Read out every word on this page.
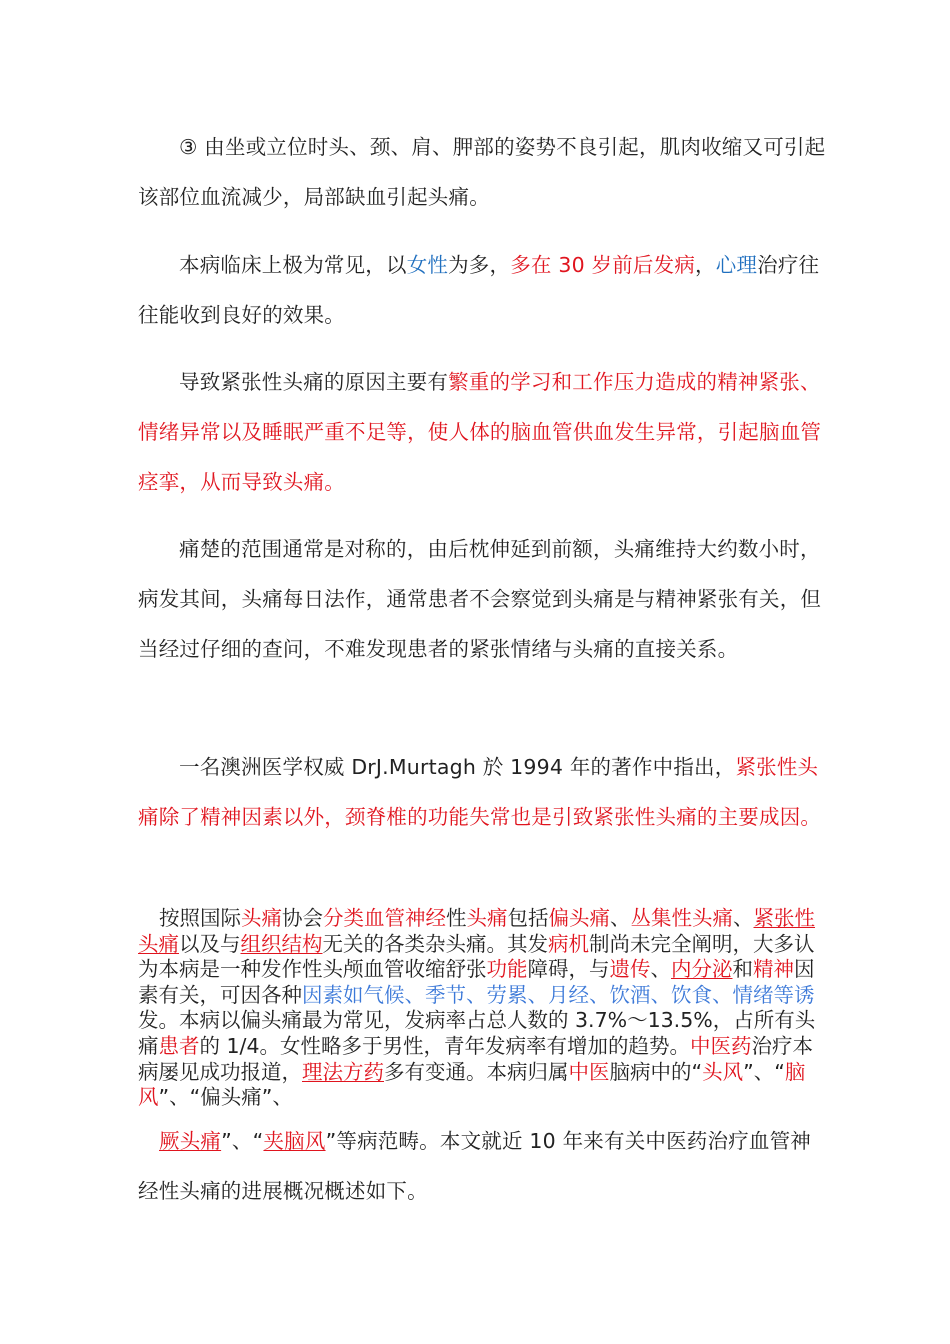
③ 由坐或立位时头、颈、肩、胛部的姿势不良引起，肌肉收缩又可引起该部位血流减少，局部缺血引起头痛。

本病临床上极为常见，以女性为多，多在 30 岁前后发病，心理治疗往往能收到良好的效果。

导致紧张性头痛的原因主要有繁重的学习和工作压力造成的精神紧张、情绪异常以及睡眠严重不足等，使人体的脑血管供血发生异常，引起脑血管痉挛，从而导致头痛。

痛楚的范围通常是对称的，由后枕伸延到前额，头痛维持大约数小时，病发其间，头痛每日法作，通常患者不会察觉到头痛是与精神紧张有关，但当经过仔细的查问，不难发现患者的紧张情绪与头痛的直接关系。

一名澳洲医学权威 DrJ.Murtagh 於 1994 年的著作中指出，紧张性头痛除了精神因素以外，颈脊椎的功能失常也是引致紧张性头痛的主要成因。

按照国际头痛协会分类血管神经性头痛包括偏头痛、丛集性头痛、紧张性头痛以及与组织结构无关的各类杂头痛。其发病机制尚未完全阐明，大多认为本病是一种发作性头颅血管收缩舒张功能障碍，与遗传、内分泌和精神因素有关，可因各种因素如气候、季节、劳累、月经、饮酒、饮食、情绪等诱发。本病以偏头痛最为常见，发病率占总人数的 3.7%～13.5%，占所有头痛患者的 1/4。女性略多于男性，青年发病率有增加的趋势。中医药治疗本病屡见成功报道，理法方药多有变通。本病归属中医脑病中的“头风”、“脑风”、“偏头痛”、

厥头痛”、“夹脑风”等病范畴。本文就近 10 年来有关中医药治疗血管神经性头痛的进展概况概述如下。
